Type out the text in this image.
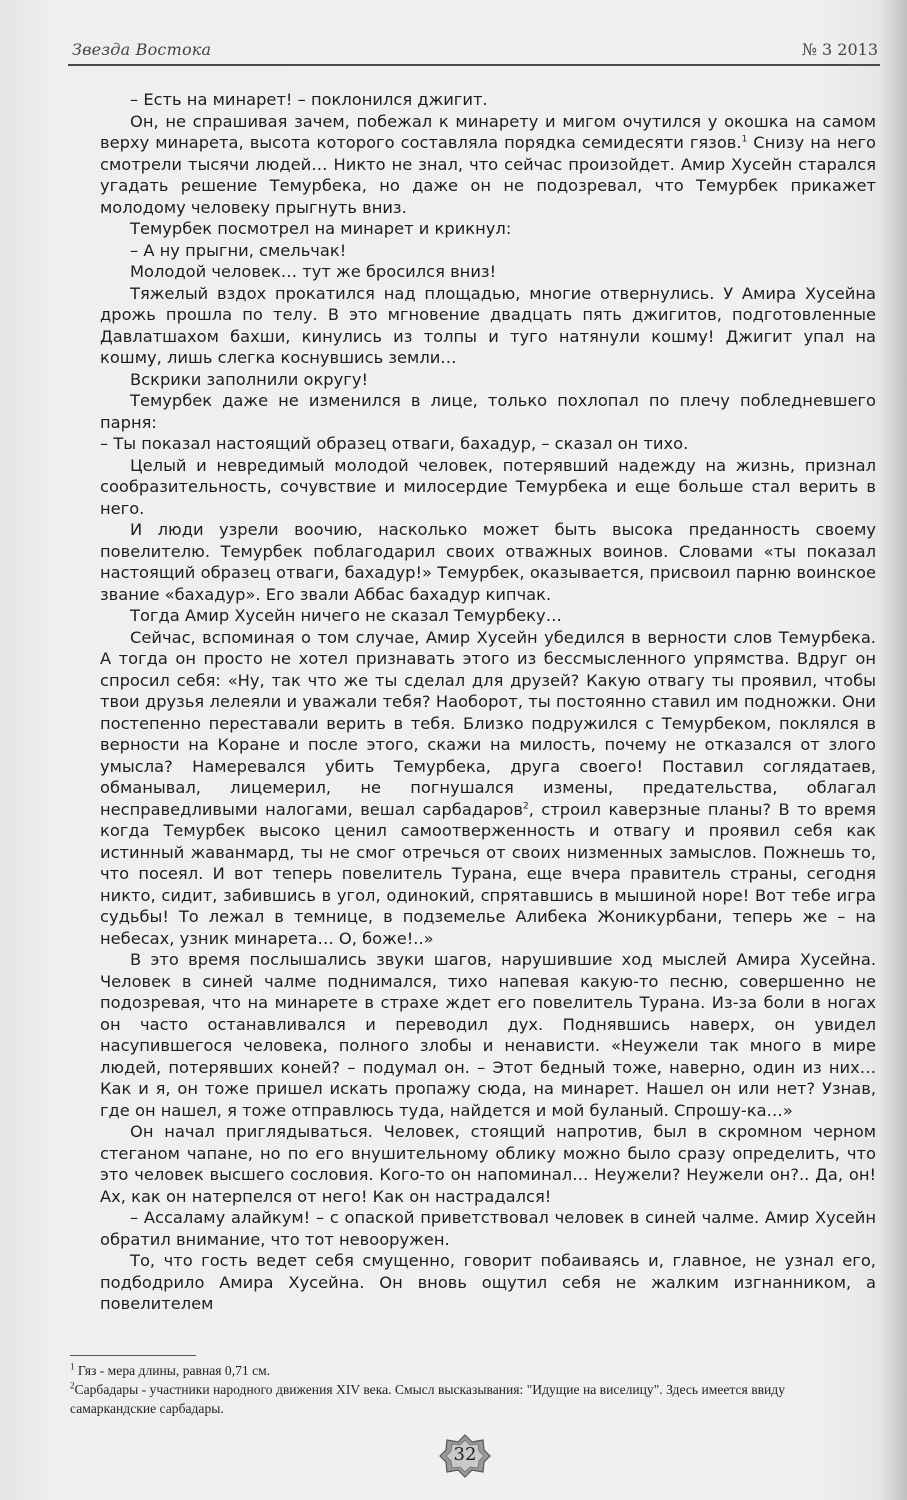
Звезда Востока	№ 3 2013

– Есть на минарет! – поклонился джигит.

Он, не спрашивая зачем, побежал к минарету и мигом очутился у окошка на самом верху минарета, высота которого составляла порядка семидесяти гязов.$^1$ Снизу на него смотрели тысячи людей… Никто не знал, что сейчас произойдет. Амир Хусейн старался угадать решение Темурбека, но даже он не подозревал, что Темурбек прикажет молодому человеку прыгнуть вниз.

Темурбек посмотрел на минарет и крикнул:

– А ну прыгни, смельчак!

Молодой человек… тут же бросился вниз!

Тяжелый вздох прокатился над площадью, многие отвернулись. У Амира Хусейна дрожь прошла по телу. В это мгновение двадцать пять джигитов, подготовленные Давлатшахом бахши, кинулись из толпы и туго натянули кошму! Джигит упал на кошму, лишь слегка коснувшись земли…

Вскрики заполнили округу!

Темурбек даже не изменился в лице, только похлопал по плечу побледневшего парня:

– Ты показал настоящий образец отваги, бахадур, – сказал он тихо.

Целый и невредимый молодой человек, потерявший надежду на жизнь, признал сообразительность, сочувствие и милосердие Темурбека и еще больше стал верить в него.

И люди узрели воочию, насколько может быть высока преданность своему повелителю. Темурбек поблагодарил своих отважных воинов. Словами «ты показал настоящий образец отваги, бахадур!» Темурбек, оказывается, присвоил парню воинское звание «бахадур». Его звали Аббас бахадур кипчак.

Тогда Амир Хусейн ничего не сказал Темурбеку…

Сейчас, вспоминая о том случае, Амир Хусейн убедился в верности слов Темурбека. А тогда он просто не хотел признавать этого из бессмысленного упрямства. Вдруг он спросил себя: «Ну, так что же ты сделал для друзей? Какую отвагу ты проявил, чтобы твои друзья лелеяли и уважали тебя? Наоборот, ты постоянно ставил им подножки. Они постепенно переставали верить в тебя. Близко подружился с Темурбеком, поклялся в верности на Коране и после этого, скажи на милость, почему не отказался от злого умысла? Намеревался убить Темурбека, друга своего! Поставил соглядатаев, обманывал, лицемерил, не погнушался измены, предательства, облагал несправедливыми налогами, вешал сарбадаров$^2$, строил каверзные планы? В то время когда Темурбек высоко ценил самоотверженность и отвагу и проявил себя как истинный жаванмард, ты не смог отречься от своих низменных замыслов. Пожнешь то, что посеял. И вот теперь повелитель Турана, еще вчера правитель страны, сегодня никто, сидит, забившись в угол, одинокий, спрятавшись в мышиной норе! Вот тебе игра судьбы! То лежал в темнице, в подземелье Алибека Жоникурбани, теперь же – на небесах, узник минарета… О, боже!..»

В это время послышались звуки шагов, нарушившие ход мыслей Амира Хусейна. Человек в синей чалме поднимался, тихо напевая какую-то песню, совершенно не подозревая, что на минарете в страхе ждет его повелитель Турана. Из-за боли в ногах он часто останавливался и переводил дух. Поднявшись наверх, он увидел насупившегося человека, полного злобы и ненависти. «Неужели так много в мире людей, потерявших коней? – подумал он. – Этот бедный тоже, наверно, один из них… Как и я, он тоже пришел искать пропажу сюда, на минарет. Нашел он или нет? Узнав, где он нашел, я тоже отправлюсь туда, найдется и мой буланый. Спрошу-ка…»

Он начал приглядываться. Человек, стоящий напротив, был в скромном черном стеганом чапане, но по его внушительному облику можно было сразу определить, что это человек высшего сословия. Кого-то он напоминал… Неужели? Неужели он?.. Да, он! Ах, как он натерпелся от него! Как он настрадался!

– Ассаламу алайкум! – с опаской приветствовал человек в синей чалме. Амир Хусейн обратил внимание, что тот невооружен.

То, что гость ведет себя смущенно, говорит побаиваясь и, главное, не узнал его, подбодрило Амира Хусейна. Он вновь ощутил себя не жалким изгнанником, а повелителем

$^1$ Гяз - мера длины, равная 0,71 см.

$^2$Сарбадары - участники народного движения XIV века. Смысл высказывания: "Идущие на виселицу". Здесь имеется ввиду самаркандские сарбадары.

32
